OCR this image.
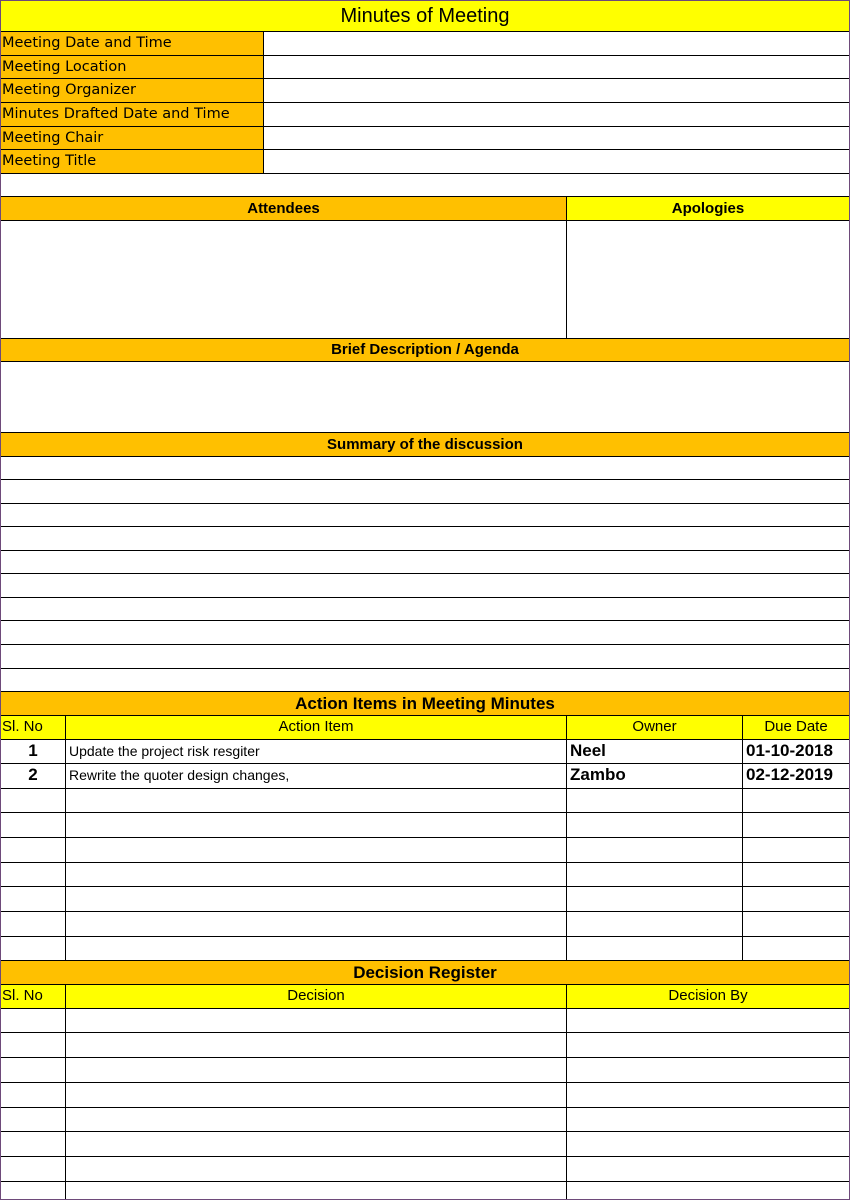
Minutes of Meeting
Meeting Date and Time
Meeting Location
Meeting Organizer
Minutes Drafted Date and Time
Meeting Chair
Meeting Title
Attendees	Apologies
Brief Description / Agenda
Summary of the discussion
Action Items in Meeting Minutes
Sl. No	Action Item	Owner	Due Date
1	Update the project risk resgiter	Neel	01-10-2018
2	Rewrite the quoter design changes,	Zambo	02-12-2019
Decision Register
Sl. No	Decision	Decision By
